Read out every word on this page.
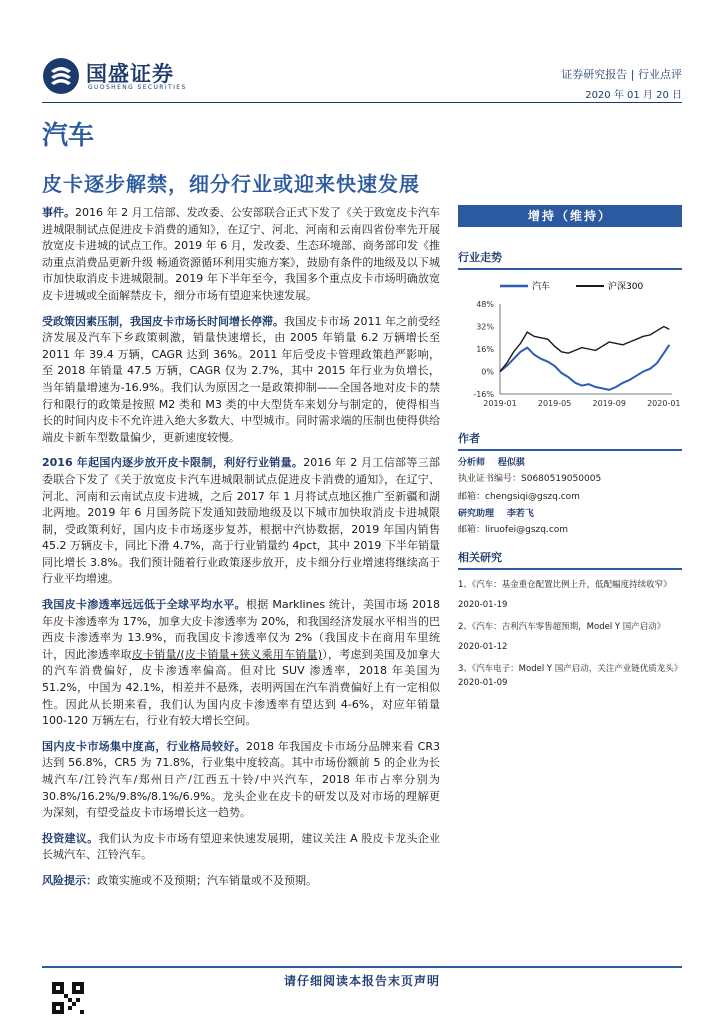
国盛证券
GUOSHENG SECURITIES
证券研究报告 | 行业点评
2020 年 01 月 20 日
汽车
皮卡逐步解禁，细分行业或迎来快速发展

事件。2016 年 2 月工信部、发改委、公安部联合正式下发了《关于致宽皮卡汽车进城限制试点促进皮卡消费的通知》，在辽宁、河北、河南和云南四省份率先开展放宽皮卡进城的试点工作。2019 年 6 月，发改委、生态环境部、商务部印发《推动重点消费品更新升级 畅通资源循环利用实施方案》，鼓励有条件的地级及以下城市加快取消皮卡进城限制。2019 年下半年至今，我国多个重点皮卡市场明确放宽皮卡进城或全面解禁皮卡，细分市场有望迎来快速发展。

受政策因素压制，我国皮卡市场长时间增长停滞。我国皮卡市场 2011 年之前受经济发展及汽车下乡政策刺激，销量快速增长，由 2005 年销量 6.2 万辆增长至 2011 年 39.4 万辆，CAGR 达到 36%。2011 年后受皮卡管理政策趋严影响，至 2018 年销量 47.5 万辆，CAGR 仅为 2.7%，其中 2015 年行业为负增长，当年销量增速为-16.9%。我们认为原因之一是政策抑制——全国各地对皮卡的禁行和限行的政策是按照 M2 类和 M3 类的中大型货车来划分与制定的，使得相当长的时间内皮卡不允许进入绝大多数大、中型城市。同时需求端的压制也使得供给端皮卡新车型数量偏少，更新速度较慢。

2016 年起国内逐步放开皮卡限制，利好行业销量。2016 年 2 月工信部等三部委联合下发了《关于放宽皮卡汽车进城限制试点促进皮卡消费的通知》，在辽宁、河北、河南和云南试点皮卡进城，之后 2017 年 1 月将试点地区推广至新疆和湖北两地。2019 年 6 月国务院下发通知鼓励地级及以下城市加快取消皮卡进城限制，受政策利好，国内皮卡市场逐步复苏，根据中汽协数据，2019 年国内销售 45.2 万辆皮卡，同比下滑 4.7%，高于行业销量约 4pct，其中 2019 下半年销量同比增长 3.8%。我们预计随着行业政策逐步放开，皮卡细分行业增速将继续高于行业平均增速。

我国皮卡渗透率远远低于全球平均水平。根据 Marklines 统计，美国市场 2018 年皮卡渗透率为 17%，加拿大皮卡渗透率为 20%，和我国经济发展水平相当的巴西皮卡渗透率为 13.9%，而我国皮卡渗透率仅为 2%（我国皮卡在商用车里统计，因此渗透率取皮卡销量/(皮卡销量+狭义乘用车销量)），考虑到美国及加拿大的汽车消费偏好，皮卡渗透率偏高。但对比 SUV 渗透率，2018 年美国为 51.2%，中国为 42.1%，相差并不悬殊，表明两国在汽车消费偏好上有一定相似性。因此从长期来看，我们认为国内皮卡渗透率有望达到 4-6%，对应年销量 100-120 万辆左右，行业有较大增长空间。

国内皮卡市场集中度高，行业格局较好。2018 年我国皮卡市场分品牌来看 CR3 达到 56.8%，CR5 为 71.8%，行业集中度较高。其中市场份额前 5 的企业为长城汽车/江铃汽车/郑州日产/江西五十铃/中兴汽车，2018 年市占率分别为 30.8%/16.2%/9.8%/8.1%/6.9%。龙头企业在皮卡的研发以及对市场的理解更为深刻，有望受益皮卡市场增长这一趋势。

投资建议。我们认为皮卡市场有望迎来快速发展期，建议关注 A 股皮卡龙头企业长城汽车、江铃汽车。

风险提示：政策实施或不及预期；汽车销量或不及预期。

增持（维持）
行业走势
汽车	沪深300
48%
32%
16%
0%
-16%
2019-01	2019-05	2019-09	2020-01
作者
分析师 程似骐
执业证书编号：S0680519050005
邮箱：chengsiqi@gszq.com
研究助理 李若飞
邮箱：liruofei@gszq.com
相关研究
1、《汽车：基金重仓配置比例上升，低配幅度持续收窄》
2020-01-19
2、《汽车：吉利汽车零售超预期，Model Y 国产启动》
2020-01-12
3、《汽车电子：Model Y 国产启动，关注产业链优质龙头》
2020-01-09
请仔细阅读本报告末页声明
